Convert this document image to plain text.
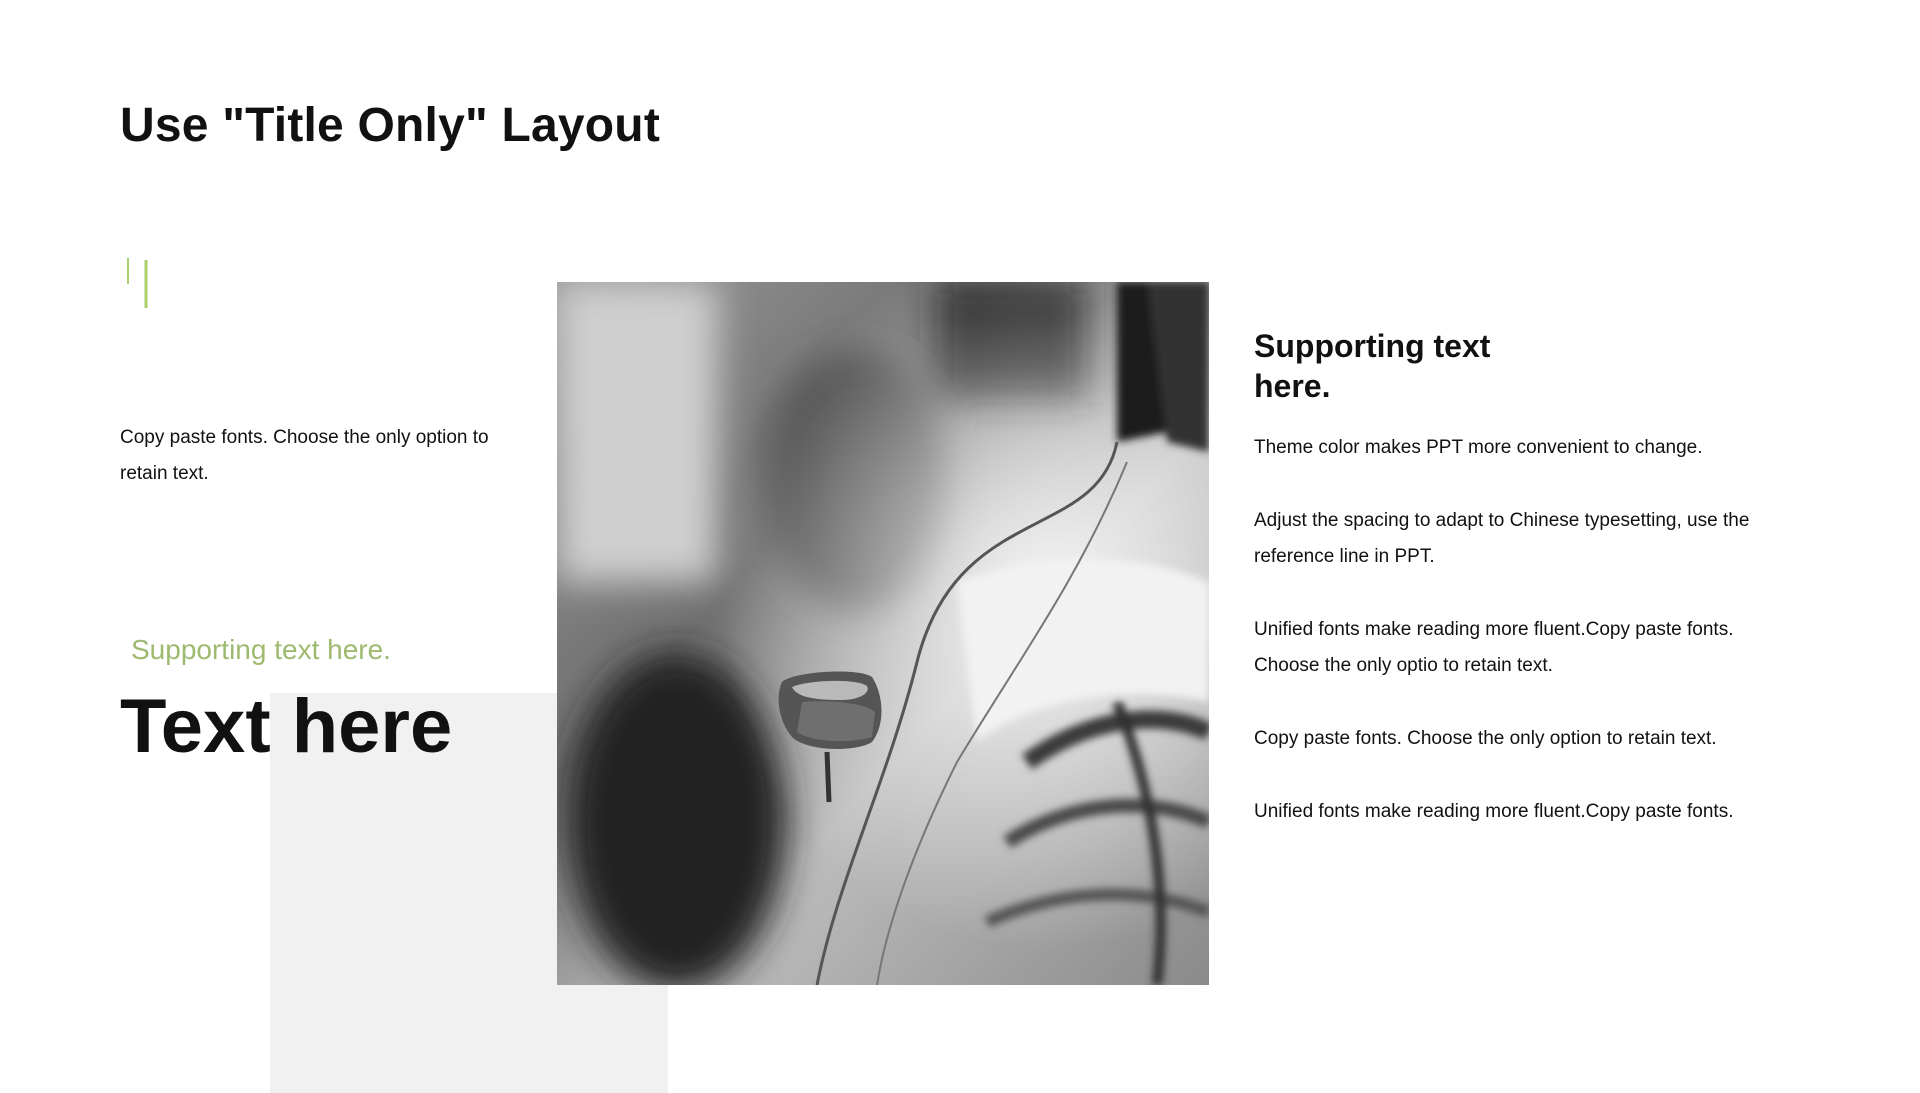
Use "Title Only" Layout

Copy paste fonts. Choose the only option to retain text.

Supporting text here.

Text here
Supporting text here.
Theme color makes PPT more convenient to change.
Adjust the spacing to adapt to Chinese typesetting, use the reference line in PPT.
Unified fonts make reading more fluent.Copy paste fonts. Choose the only optio to retain text.
Copy paste fonts. Choose the only option to retain text.
Unified fonts make reading more fluent.Copy paste fonts.
